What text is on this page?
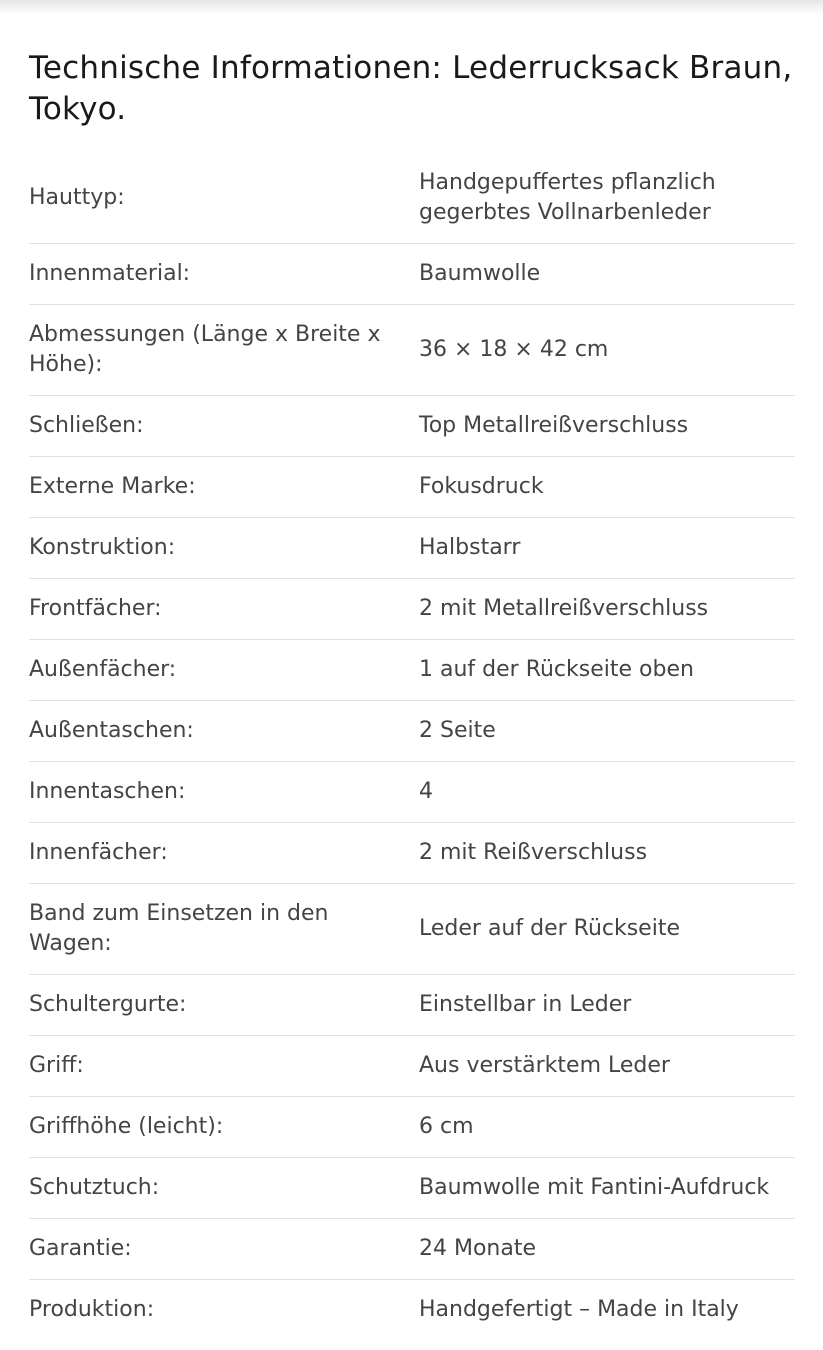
Technische Informationen: Lederrucksack Braun, Tokyo.
Hauttyp:	Handgepuffertes pflanzlich gegerbtes Vollnarbenleder
Innenmaterial:	Baumwolle
Abmessungen (Länge x Breite x Höhe):	36 × 18 × 42 cm
Schließen:	Top Metallreißverschluss
Externe Marke:	Fokusdruck
Konstruktion:	Halbstarr
Frontfächer:	2 mit Metallreißverschluss
Außenfächer:	1 auf der Rückseite oben
Außentaschen:	2 Seite
Innentaschen:	4
Innenfächer:	2 mit Reißverschluss
Band zum Einsetzen in den Wagen:	Leder auf der Rückseite
Schultergurte:	Einstellbar in Leder
Griff:	Aus verstärktem Leder
Griffhöhe (leicht):	6 cm
Schutztuch:	Baumwolle mit Fantini-Aufdruck
Garantie:	24 Monate
Produktion:	Handgefertigt – Made in Italy
